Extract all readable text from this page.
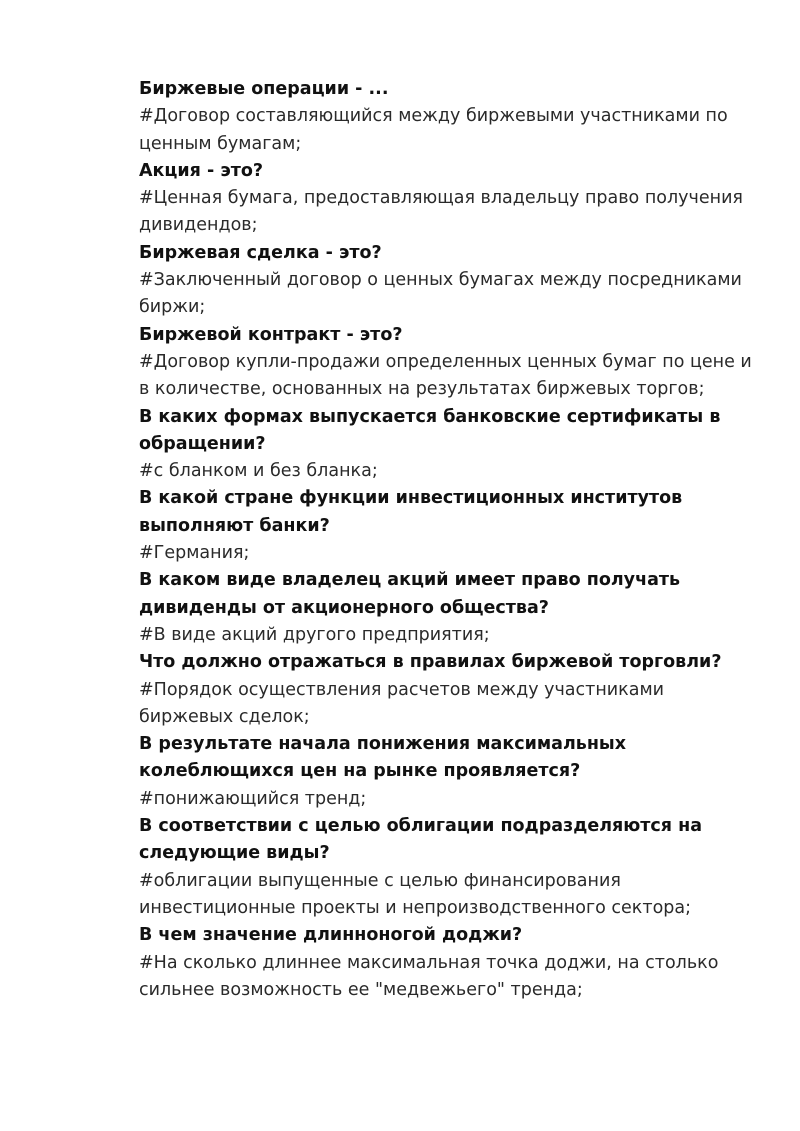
Биржевые операции - ...

#Договор составляющийся между биржевыми участниками по ценным бумагам;

Акция - это?

#Ценная бумага, предоставляющая владельцу право получения дивидендов;

Биржевая сделка - это?

#Заключенный договор о ценных бумагах между посредниками биржи;

Биржевой контракт - это?

#Договор купли-продажи определенных ценных бумаг по цене и в количестве, основанных на результатах биржевых торгов;

В каких формах выпускается банковские сертификаты в обращении?

#с бланком и без бланка;

В какой стране функции инвестиционных институтов выполняют банки?

#Германия;

В каком виде владелец акций имеет право получать дивиденды от акционерного общества?

#В виде акций другого предприятия;

Что должно отражаться в правилах биржевой торговли?

#Порядок осуществления расчетов между участниками биржевых сделок;

В результате начала понижения максимальных колеблющихся цен на рынке проявляется?

#понижающийся тренд;

В соответствии с целью облигации подразделяются на следующие виды?

#облигации выпущенные с целью финансирования инвестиционные проекты и непроизводственного сектора;

В чем значение длинноногой доджи?

#На сколько длиннее максимальная точка доджи, на столько сильнее возможность ее "медвежьего" тренда;
